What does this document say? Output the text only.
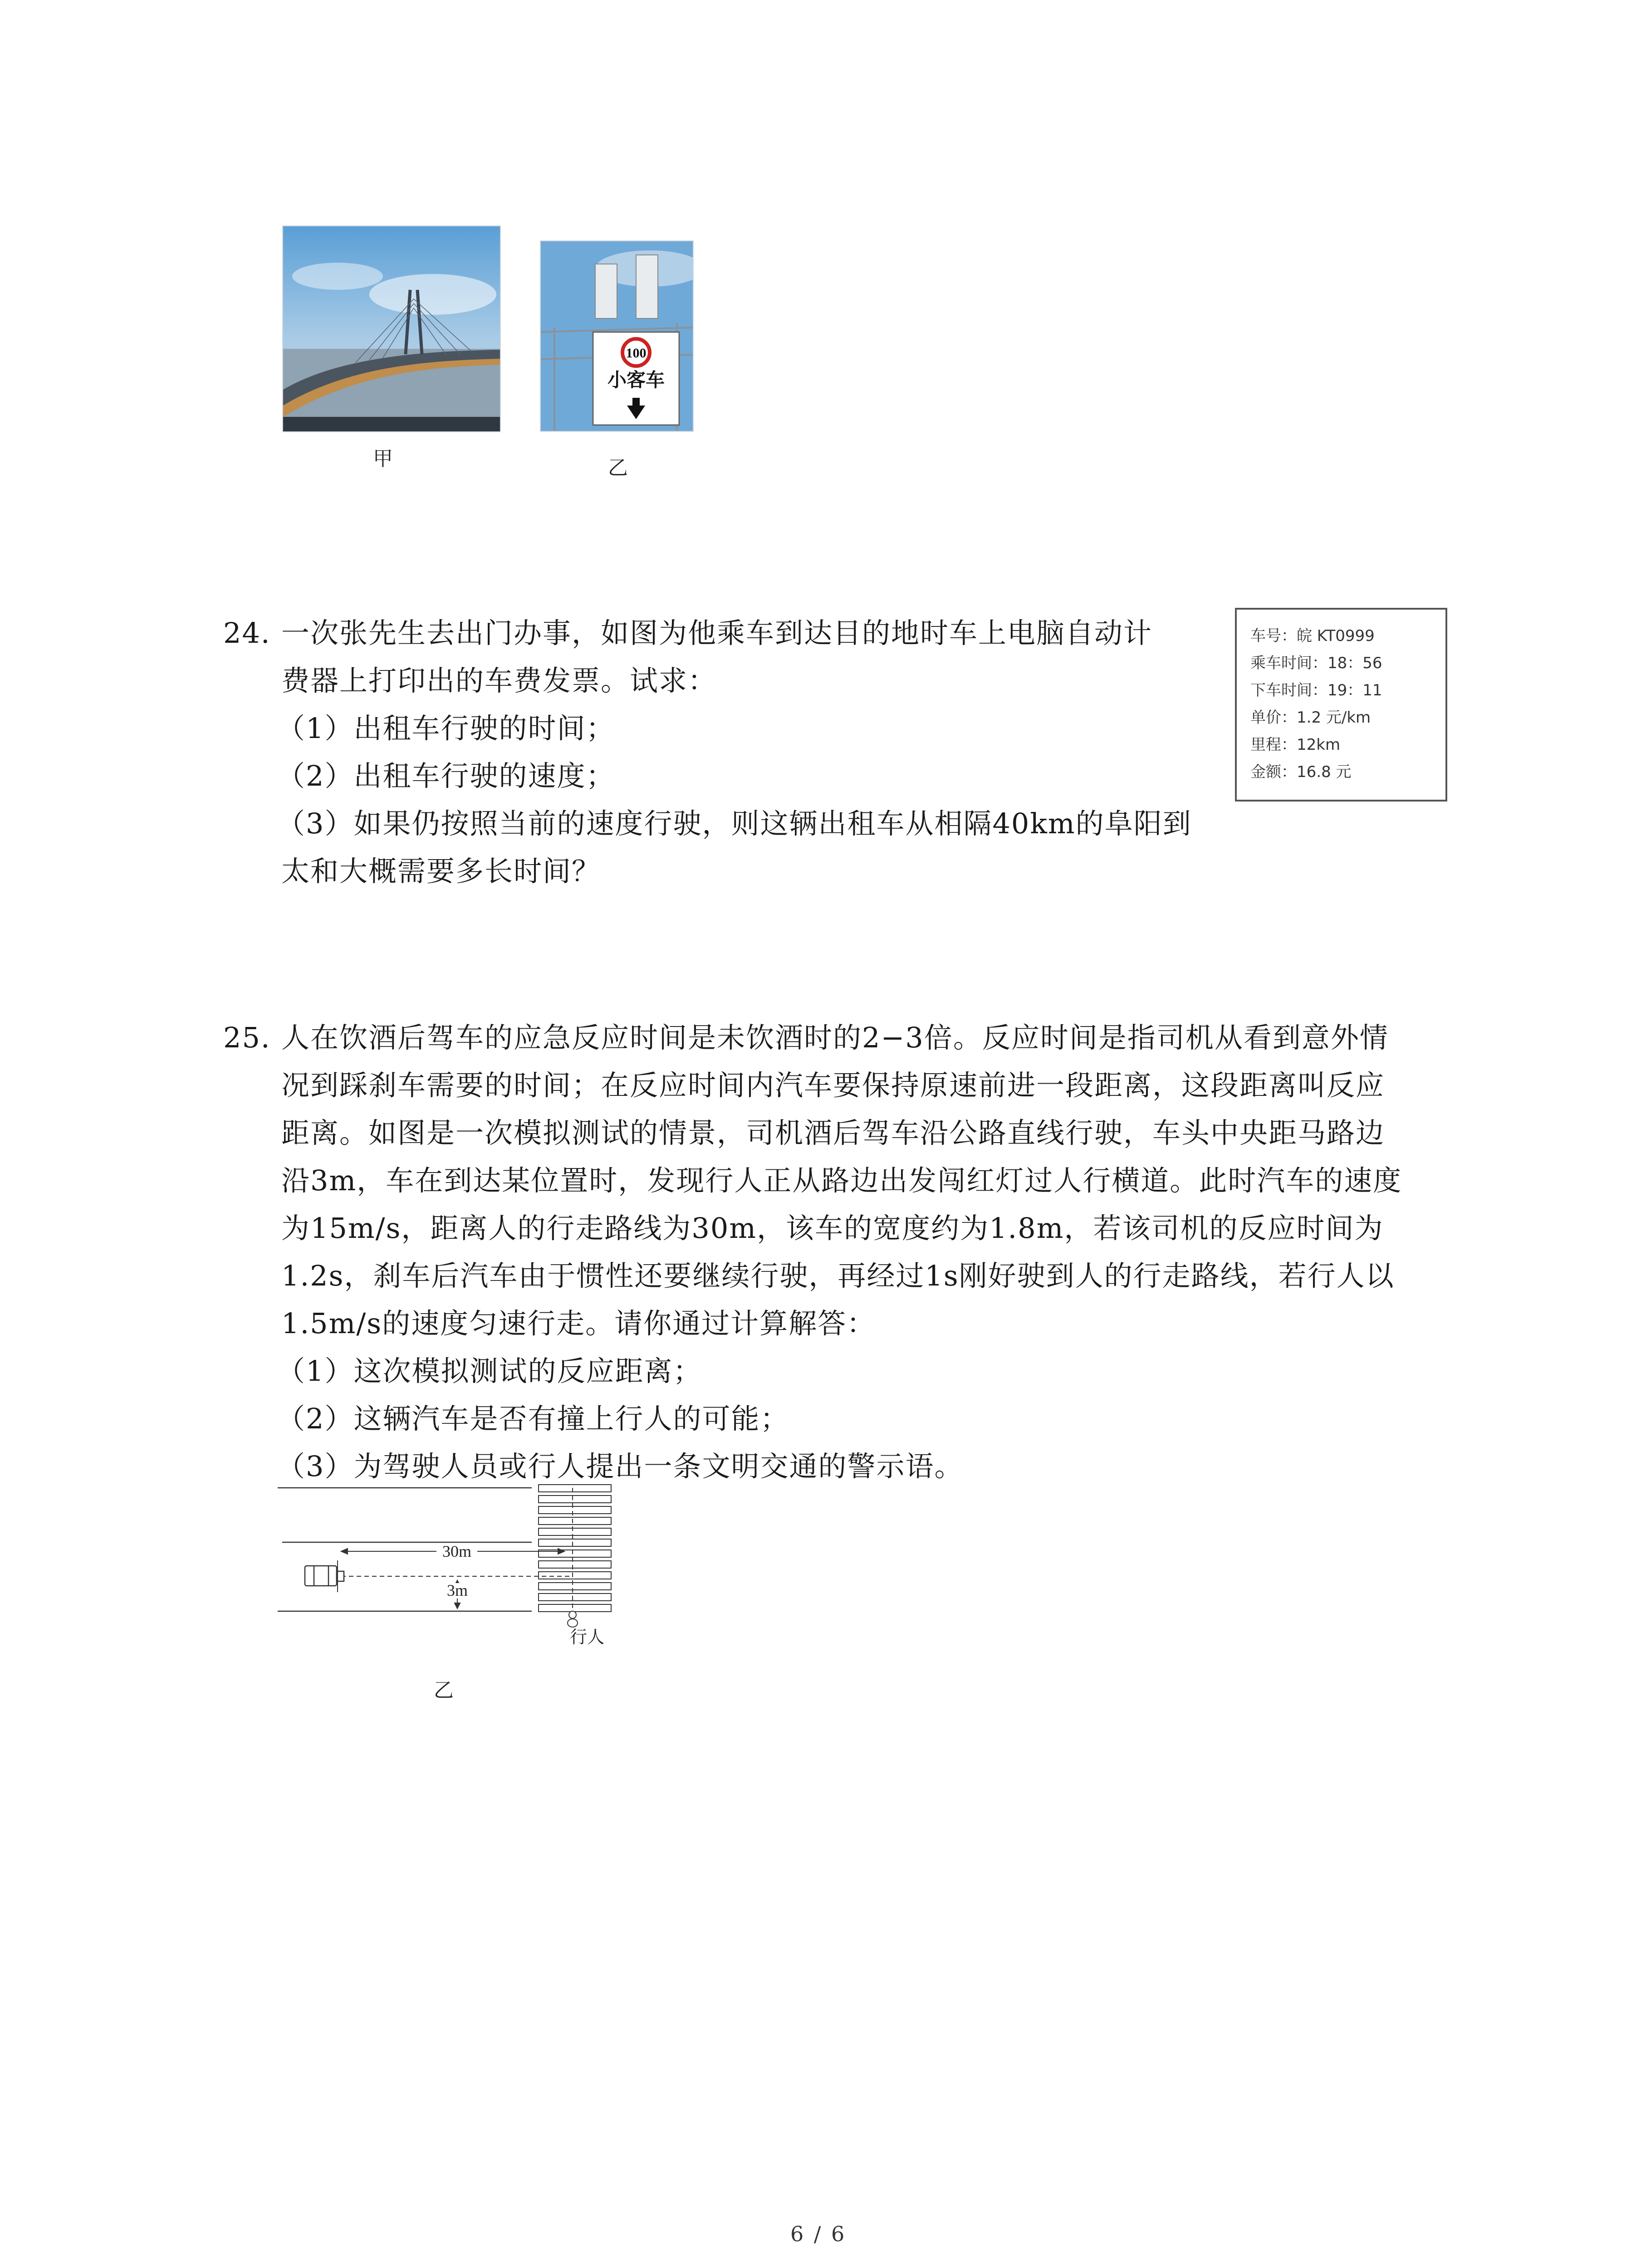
100
小客车
甲	乙
24. 一次张先生去出门办事，如图为他乘车到达目的地时车上电脑自动计
费器上打印出的车费发票。试求：
（1）出租车行驶的时间；
（2）出租车行驶的速度；
（3）如果仍按照当前的速度行驶，则这辆出租车从相隔40km的阜阳到
太和大概需要多长时间？
车号：皖 KT0999
乘车时间：18：56
下车时间：19：11
单价：1.2 元/km
里程：12km
金额：16.8 元
25. 人在饮酒后驾车的应急反应时间是未饮酒时的2−3倍。反应时间是指司机从看到意外情
况到踩刹车需要的时间；在反应时间内汽车要保持原速前进一段距离，这段距离叫反应
距离。如图是一次模拟测试的情景，司机酒后驾车沿公路直线行驶，车头中央距马路边
沿3m，车在到达某位置时，发现行人正从路边出发闯红灯过人行横道。此时汽车的速度
为15m/s，距离人的行走路线为30m，该车的宽度约为1.8m，若该司机的反应时间为
1.2s，刹车后汽车由于惯性还要继续行驶，再经过1s刚好驶到人的行走路线，若行人以
1.5m/s的速度匀速行走。请你通过计算解答：
（1）这次模拟测试的反应距离；
（2）这辆汽车是否有撞上行人的可能；
（3）为驾驶人员或行人提出一条文明交通的警示语。
30m
3m
行人
乙
6 / 6
